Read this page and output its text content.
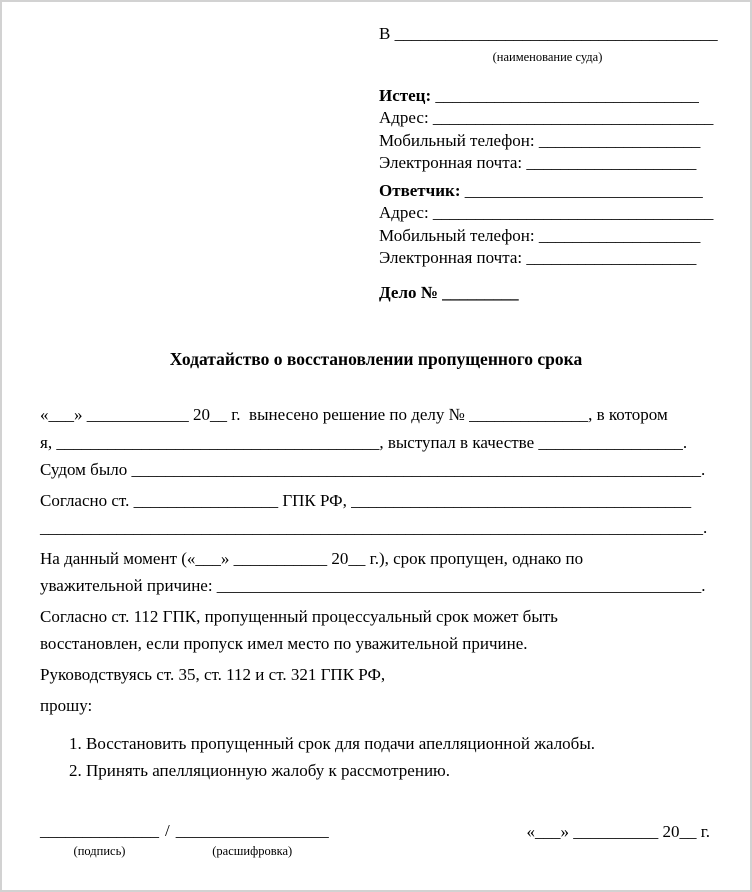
В ______________________________________
(наименование суда)
Истец: _______________________________
Адрес: _________________________________
Мобильный телефон: ___________________
Электронная почта: ____________________
Ответчик: ____________________________
Адрес: _________________________________
Мобильный телефон: ___________________
Электронная почта: ____________________
Дело № _________
Ходатайство о восстановлении пропущенного срока
«___» ____________ 20__ г.  вынесено решение по делу № ______________, в котором
я, ______________________________________, выступал в качестве _________________.
Судом было ___________________________________________________________________.
Согласно ст. _________________ ГПК РФ, ________________________________________
______________________________________________________________________________.
На данный момент («___» ___________ 20__ г.), срок пропущен, однако по
уважительной причине: _________________________________________________________.
Согласно ст. 112 ГПК, пропущенный процессуальный срок может быть
восстановлен, если пропуск имел место по уважительной причине.
Руководствуясь ст. 35, ст. 112 и ст. 321 ГПК РФ,
прошу:
1. Восстановить пропущенный срок для подачи апелляционной жалобы.
2. Принять апелляционную жалобу к рассмотрению.
______________
(подпись)
/ __________________
(расшифровка)
«___» __________ 20__ г.
